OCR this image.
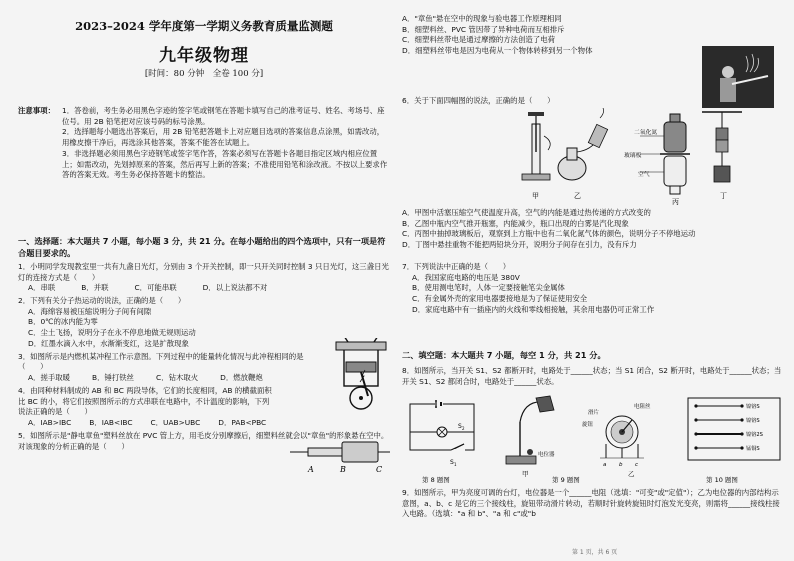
2023–2024 学年度第一学期义务教育质量监测题
九年级物理
[时间：80 分钟　全卷 100 分]
注意事项： 1．答卷前，考生务必用黑色字迹的签字笔或钢笔在答题卡填写自己的准考证号、姓名、考场号、座位号。用 2B 铅笔把对应该号码的标号涂黑。
2．选择题每小题选出答案后，用 2B 铅笔把答题卡上对应题目选项的答案信息点涂黑，如需改动，用橡皮擦干净后，再选涂其他答案，答案不能答在试题上。
3．非选择题必须用黑色字迹钢笔或签字笔作答，答案必须写在答题卡各题目指定区域内相应位置上；如需改动，先划掉原来的答案，然后再写上新的答案；不准使用铅笔和涂改液。不按以上要求作答的答案无效。考生务必保持答题卡的整洁。
一、选择题：本大题共 7 小题，每小题 3 分，共 21 分。在每小题给出的四个选项中，只有一项是符合题目要求的。
1．小明同学发现教室里一共有九盏日光灯，分别由 3 个开关控制，即一只开关同时控制 3 只日光灯，这三盏日光灯的连接方式是（　　）
A．串联	B．并联	C．可能串联	D．以上说法都不对
2．下列有关分子热运动的说法，正确的是（　　）
A．海绵容易被压缩说明分子间有间隙
B．0℃的冰内能为零
C．尘土飞扬，说明分子在永不停息地做无规则运动
D．红墨水滴入水中，水渐渐变红，这是扩散现象
3．如图所示是内燃机某冲程工作示意图。下列过程中的能量转化情况与此冲程相同的是（　　）
A．搓手取暖	B．锤打铁丝	C．钻木取火	D．燃放鞭炮
4．由同种材料制成的 AB 和 BC 两段导体，它们的长度相同，AB 的横截面积比 BC 的小，将它们按照图所示的方式串联在电路中，不计温度的影响，下列说法正确的是（　　）
A．IAB>IBC B．IAB<IBC C．UAB>UBC D．PAB<PBC
5．如图所示是"静电章鱼"塑料丝放在 PVC 管上方，用毛皮分别摩擦后，细塑料丝就会以"章鱼"的形象悬在空中。对该现象的分析正确的是（　　）
A	B	C
A．"章鱼"悬在空中的现象与验电器工作原理相同
B．细塑料丝、PVC 管因带了异种电荷而互相排斥
C．细塑料丝带电是通过摩擦的方法创造了电荷
D．细塑料丝带电是因为电荷从一个物体转移到另一个物体
6．关于下面四幅图的说法，正确的是（　　）
甲	乙
丙
丁
二氧化氮
玻璃板
空气
A．甲图中活塞压缩空气使温度升高，空气的内能是通过热传递的方式改变的
B．乙图中瓶内空气推开瓶塞，内能减少，瓶口出现的白雾是汽化现象
C．丙图中抽掉玻璃板后，观察到上方瓶中也有二氧化氮气体的颜色，说明分子不停地运动
D．丁图中悬挂重物不能把两铅块分开，说明分子间存在引力，没有斥力
7．下列说法中正确的是（　　）
A．我国家庭电路的电压是 380V
B．使用测电笔时，人体一定要接触笔尖金属体
C．有金属外壳的家用电器要接地是为了保证使用安全
D．家庭电路中有一插座内的火线和零线相接触，其余用电器仍可正常工作
二、填空题：本大题共 7 小题，每空 1 分，共 21 分。
8．如图所示，当开关 S1、S2 都断开时，电路处于______状态；当 S1 闭合，S2 断开时，电路处于______状态；当开关 S1、S2 都闭合时，电路处于______状态。
S 1
S 2
甲	乙
电位器
滑片
旋钮
电阻丝
a b c
镍铬S
镍铬S
镍铬2S
锰铜S
第 8 题图	第 9 题图	第 10 题图
9．如图所示，甲为亮度可调的台灯，电位器是一个______电阻（选填："可变"或"定值"）；乙为电位器的内部结构示意图，a、b、c 是它的三个接线柱，旋钮带动滑片转动，若顺时针旋转旋钮时灯泡发光变亮，则需将______接线柱接入电路。（选填："a 和 b"、"a 和 c"或"b
第 1 页，共 6 页
